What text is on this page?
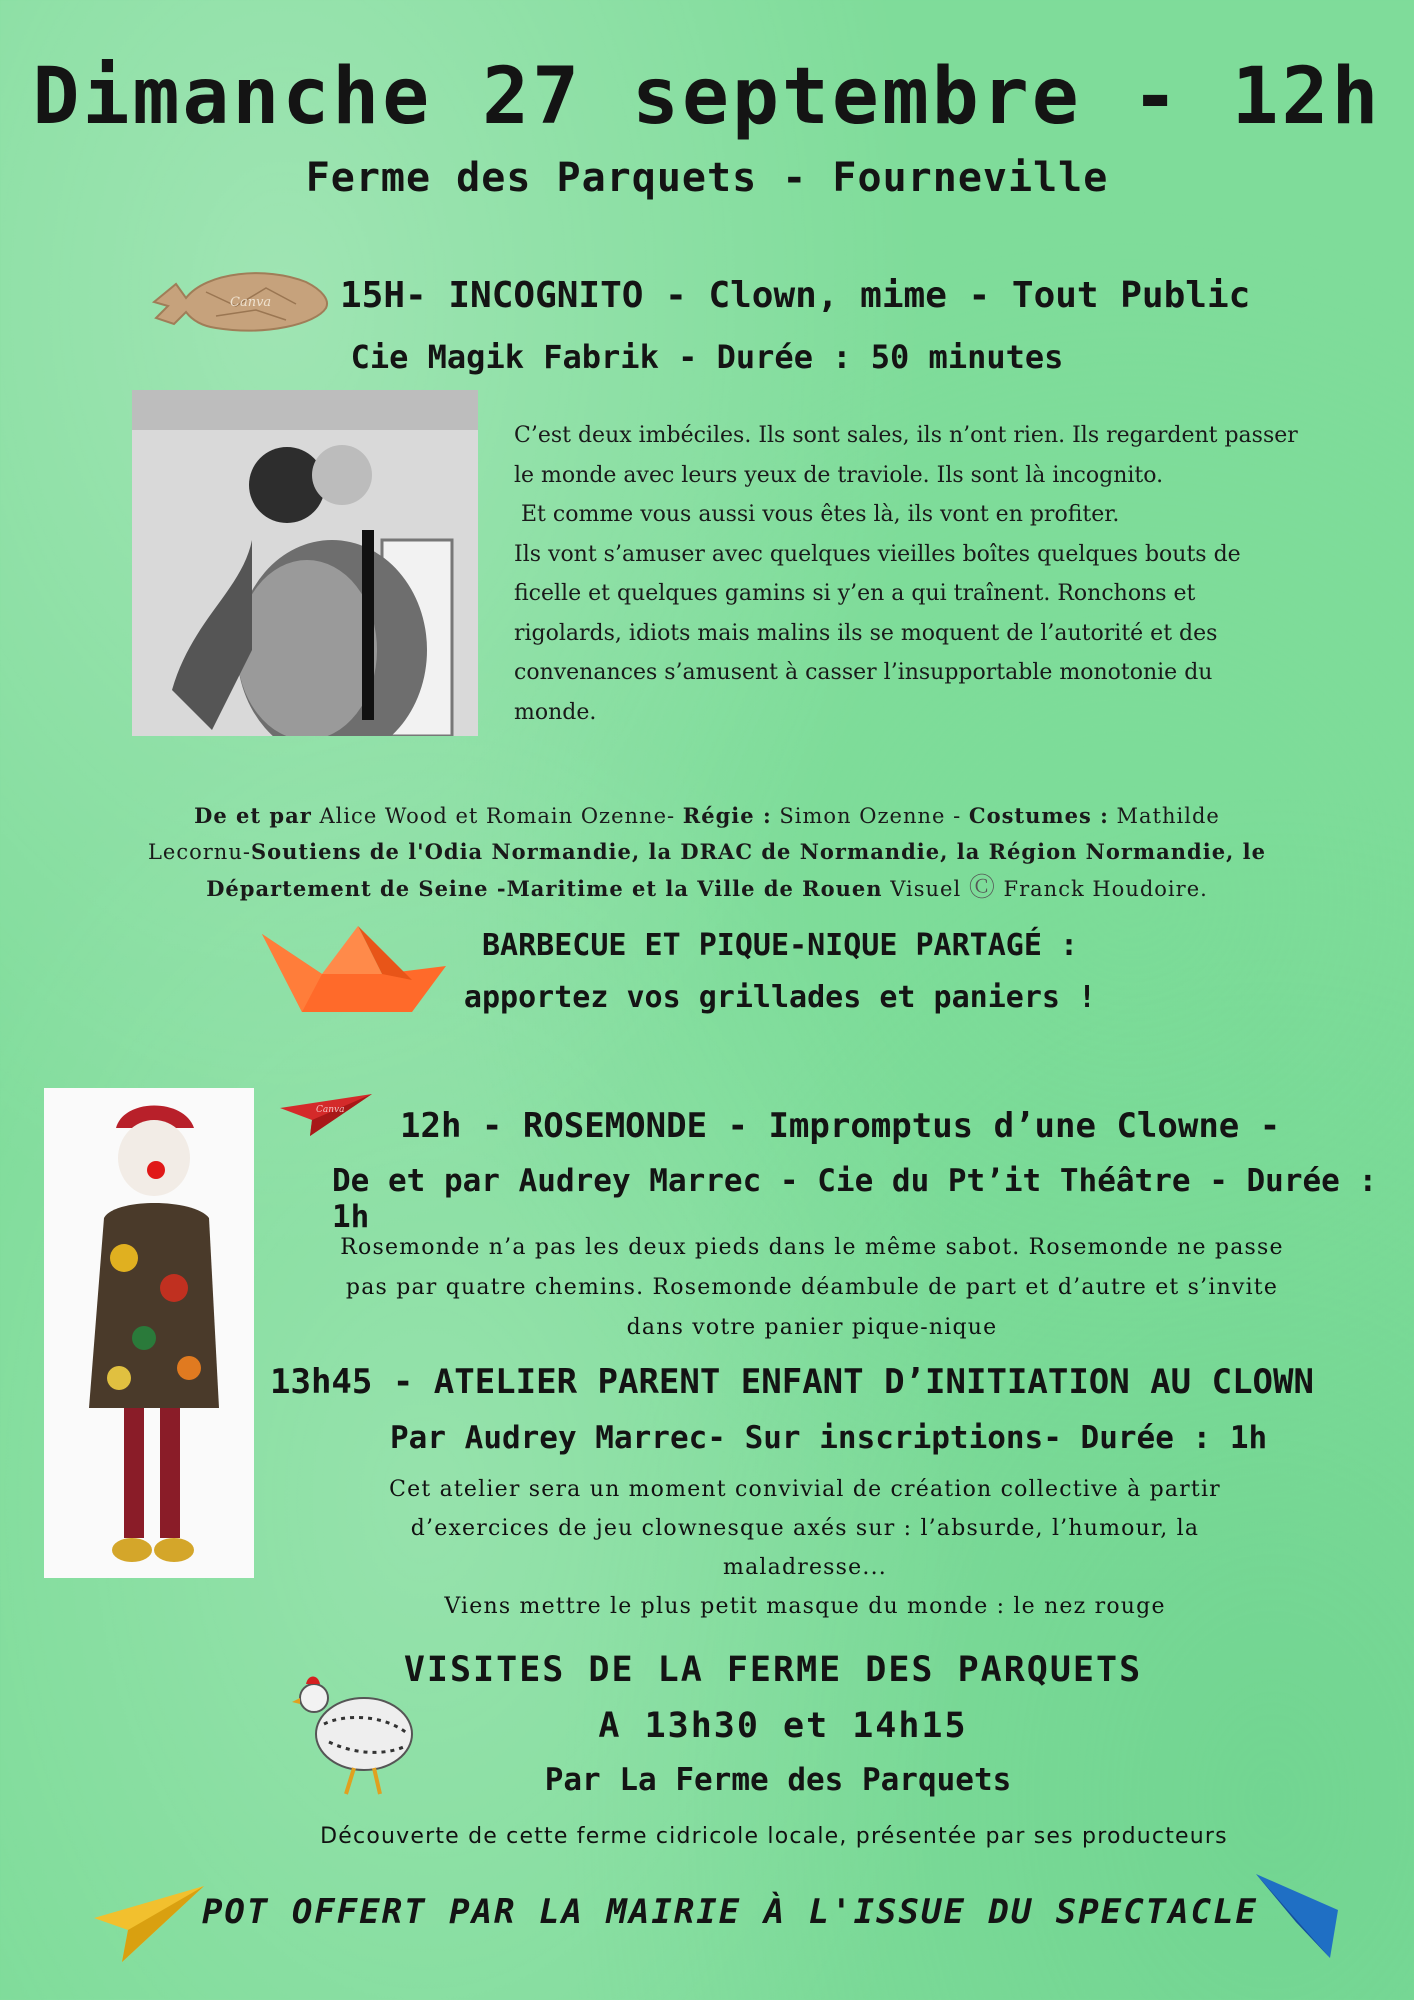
Dimanche 27 septembre - 12h
Ferme des Parquets - Fourneville
Canva 15H- INCOGNITO - Clown, mime - Tout Public
Cie Magik Fabrik - Durée : 50 minutes
C’est deux imbéciles. Ils sont sales, ils n’ont rien. Ils regardent passer
le monde avec leurs yeux de traviole. Ils sont là incognito.
Et comme vous aussi vous êtes là, ils vont en profiter.
Ils vont s’amuser avec quelques vieilles boîtes quelques bouts de
ficelle et quelques gamins si y’en a qui traînent. Ronchons et
rigolards, idiots mais malins ils se moquent de l’autorité et des
convenances s’amusent à casser l’insupportable monotonie du
monde.

De et par Alice Wood et Romain Ozenne- Régie : Simon Ozenne - Costumes : Mathilde
Lecornu-Soutiens de l'Odia Normandie, la DRAC de Normandie, la Région Normandie, le
Département de Seine -Maritime et la Ville de Rouen Visuel Ⓒ Franck Houdoire.
BARBECUE ET PIQUE-NIQUE PARTAGÉ :
apportez vos grillades et paniers !
Canva 12h - ROSEMONDE - Impromptus d’une Clowne -
De et par Audrey Marrec - Cie du Pt’it Théâtre - Durée : 1h
Rosemonde n’a pas les deux pieds dans le même sabot. Rosemonde ne passe
pas par quatre chemins. Rosemonde déambule de part et d’autre et s’invite
dans votre panier pique-nique
13h45 - ATELIER PARENT ENFANT D’INITIATION AU CLOWN
Par Audrey Marrec- Sur inscriptions- Durée : 1h
Cet atelier sera un moment convivial de création collective à partir
d’exercices de jeu clownesque axés sur : l’absurde, l’humour, la
maladresse...
Viens mettre le plus petit masque du monde : le nez rouge
VISITES DE LA FERME DES PARQUETS
A 13h30 et 14h15
Par La Ferme des Parquets
Découverte de cette ferme cidricole locale, présentée par ses producteurs
POT OFFERT PAR LA MAIRIE À L'ISSUE DU SPECTACLE
